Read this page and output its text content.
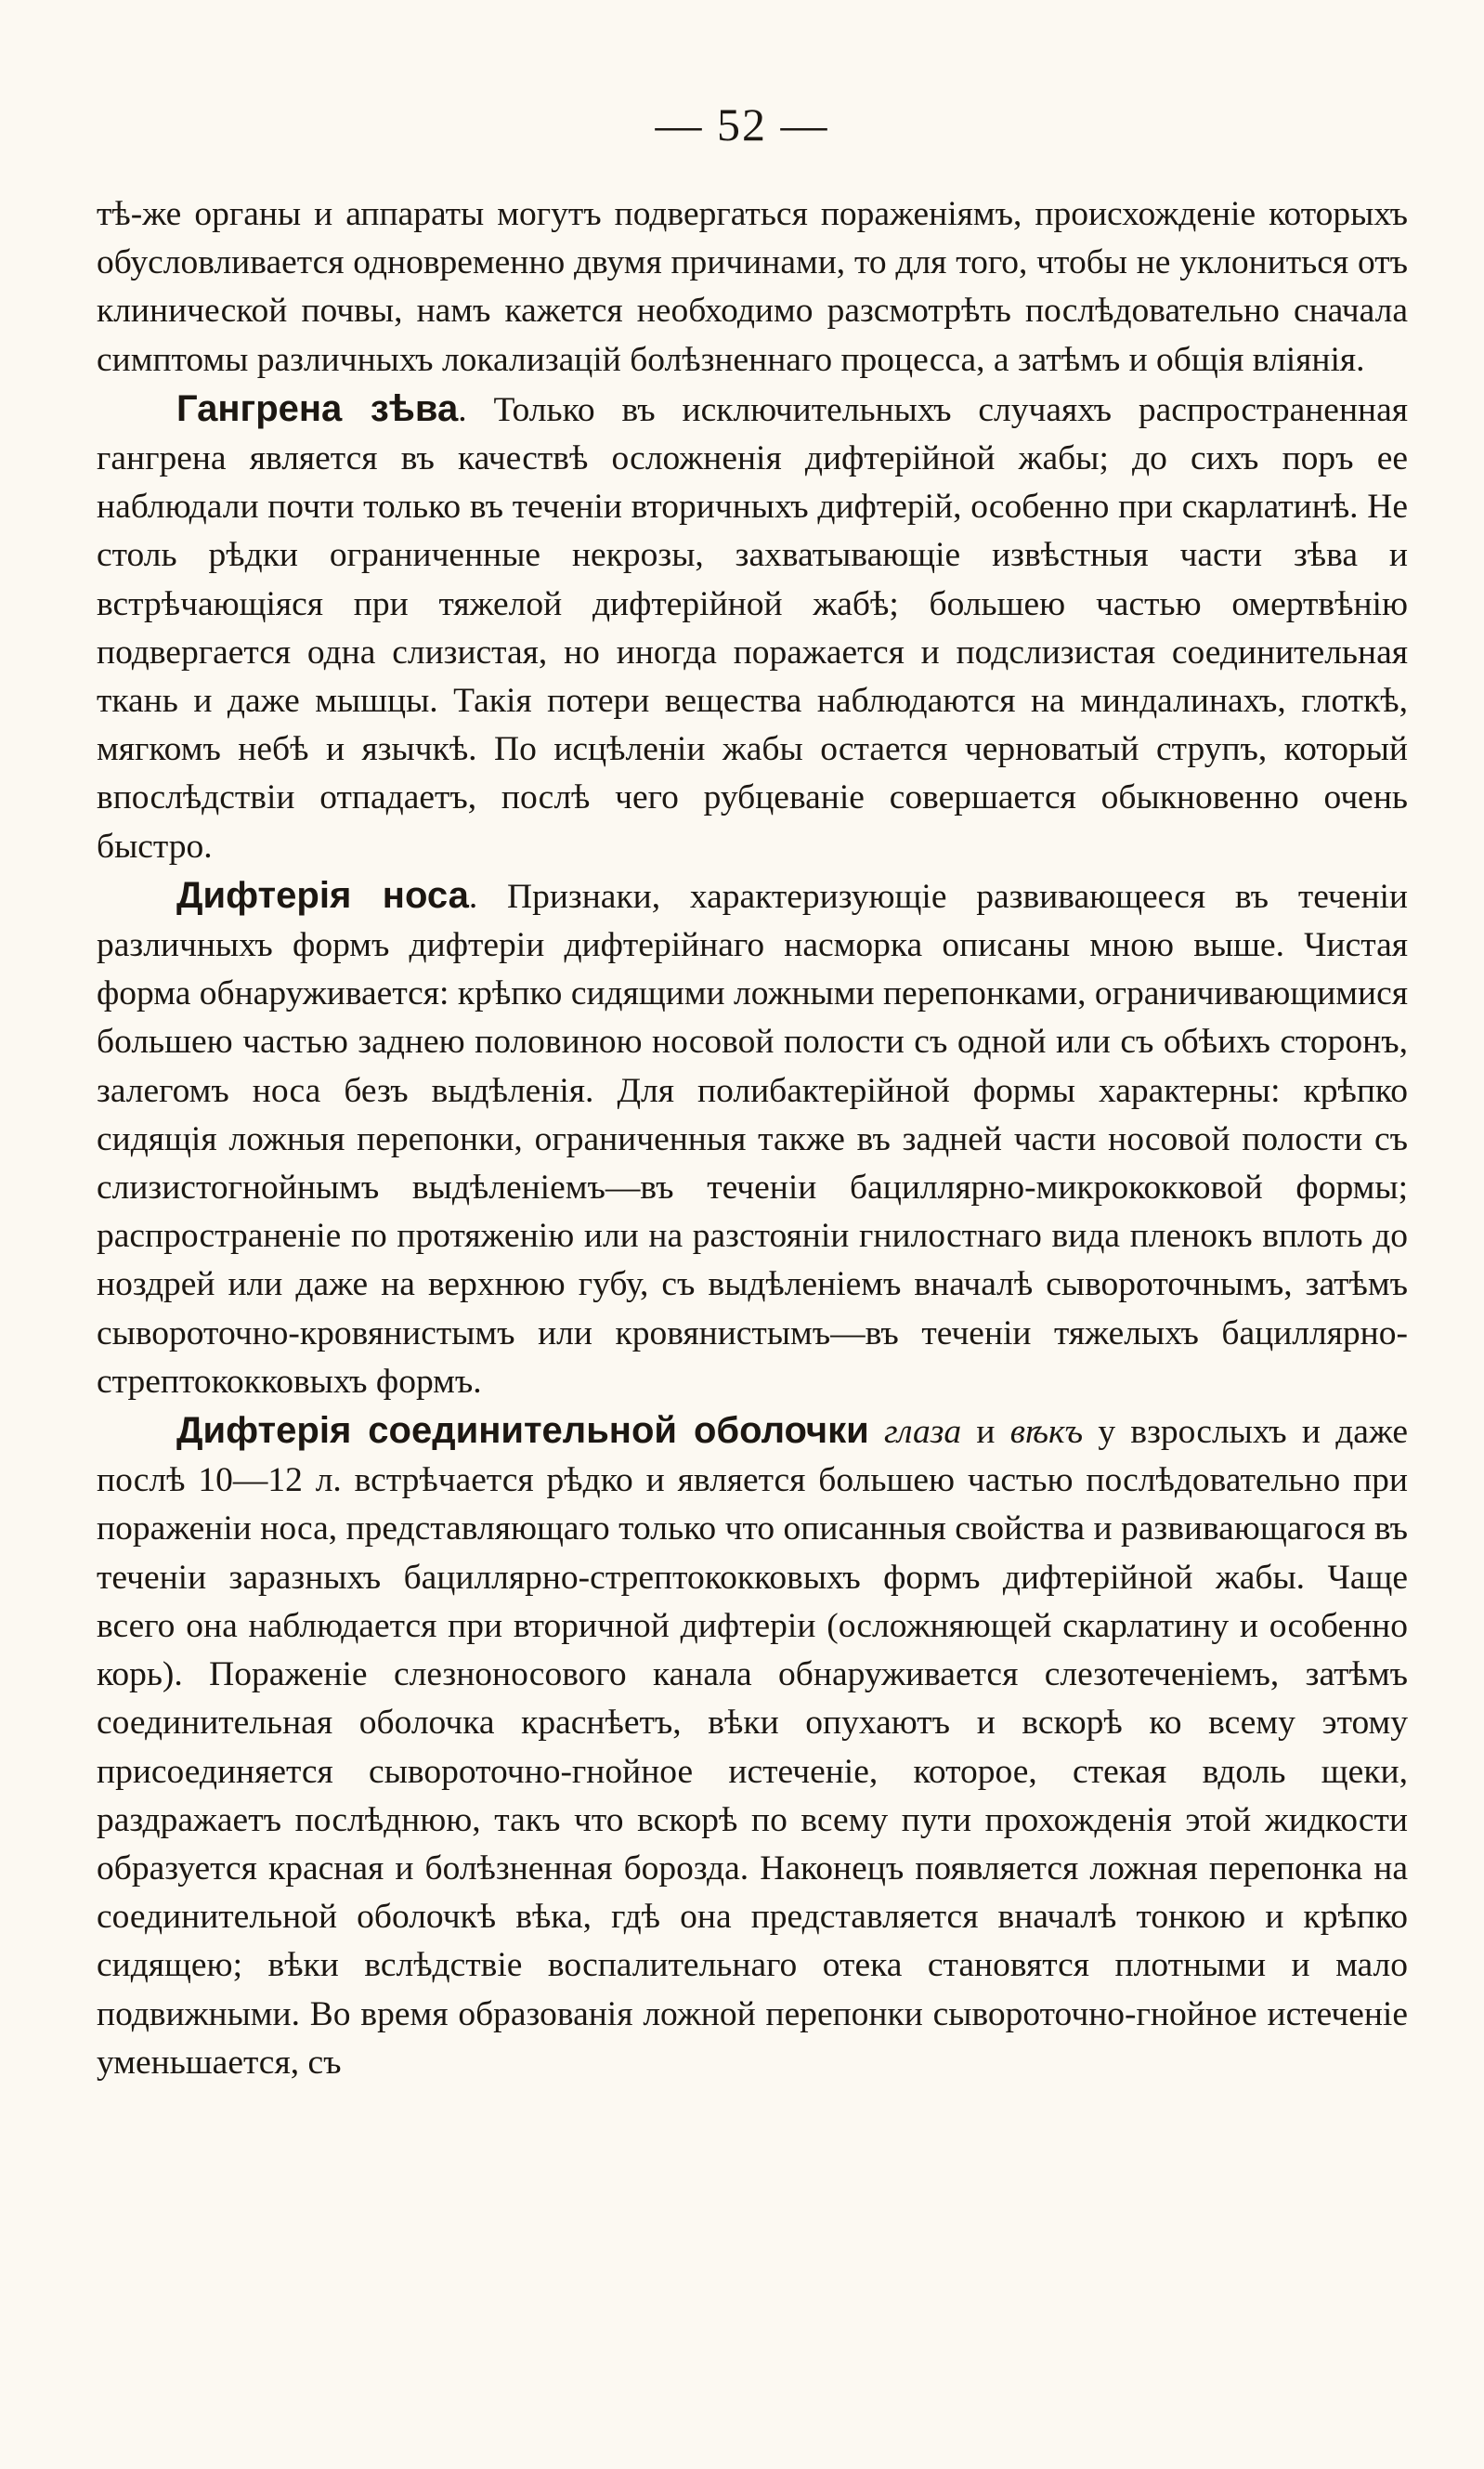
— 52 —

тѣ-же органы и аппараты могутъ подвергаться пораженіямъ, происхожденіе которыхъ обусловливается одновременно двумя причинами, то для того, чтобы не уклониться отъ клинической почвы, намъ кажется необходимо разсмотрѣть послѣдовательно сначала симптомы различныхъ локализацій болѣзненнаго процесса, а затѣмъ и общія вліянія.

Гангрена зѣва. Только въ исключительныхъ случаяхъ распространенная гангрена является въ качествѣ осложненія дифтерійной жабы; до сихъ поръ ее наблюдали почти только въ теченіи вторичныхъ дифтерій, особенно при скарлатинѣ. Не столь рѣдки ограниченные некрозы, захватывающіе извѣстныя части зѣва и встрѣчающіяся при тяжелой дифтерійной жабѣ; большею частью омертвѣнію подвергается одна слизистая, но иногда поражается и подслизистая соединительная ткань и даже мышцы. Такія потери вещества наблюдаются на миндалинахъ, глоткѣ, мягкомъ небѣ и язычкѣ. По исцѣленіи жабы остается черноватый струпъ, который впослѣдствіи отпадаетъ, послѣ чего рубцеваніе совершается обыкновенно очень быстро.

Дифтерія носа. Признаки, характеризующіе развивающееся въ теченіи различныхъ формъ дифтеріи дифтерійнаго насморка описаны мною выше. Чистая форма обнаруживается: крѣпко сидящими ложными перепонками, ограничивающимися большею частью заднею половиною носовой полости съ одной или съ обѣихъ сторонъ, залегомъ носа безъ выдѣленія. Для полибактерійной формы характерны: крѣпко сидящія ложныя перепонки, ограниченныя также въ задней части носовой полости съ слизистогнойнымъ выдѣленіемъ—въ теченіи бациллярно-микрококковой формы; распространеніе по протяженію или на разстояніи гнилостнаго вида пленокъ вплоть до ноздрей или даже на верхнюю губу, съ выдѣленіемъ вначалѣ сывороточнымъ, затѣмъ сывороточно-кровянистымъ или кровянистымъ—въ теченіи тяжелыхъ бациллярно-стрептококковыхъ формъ.

Дифтерія соединительной оболочки глаза и вѣкъ у взрослыхъ и даже послѣ 10—12 л. встрѣчается рѣдко и является большею частью послѣдовательно при пораженіи носа, представляющаго только что описанныя свойства и развивающагося въ теченіи заразныхъ бациллярно-стрептококковыхъ формъ дифтерійной жабы. Чаще всего она наблюдается при вторичной дифтеріи (осложняющей скарлатину и особенно корь). Пораженіе слезноносового канала обнаруживается слезотеченіемъ, затѣмъ соединительная оболочка краснѣетъ, вѣки опухаютъ и вскорѣ ко всему этому присоединяется сывороточно-гнойное истеченіе, которое, стекая вдоль щеки, раздражаетъ послѣднюю, такъ что вскорѣ по всему пути прохожденія этой жидкости образуется красная и болѣзненная борозда. Наконецъ появляется ложная перепонка на соединительной оболочкѣ вѣка, гдѣ она представляется вначалѣ тонкою и крѣпко сидящею; вѣки вслѣдствіе воспалительнаго отека становятся плотными и мало подвижными. Во время образованія ложной перепонки сывороточно-гнойное истеченіе уменьшается, съ
